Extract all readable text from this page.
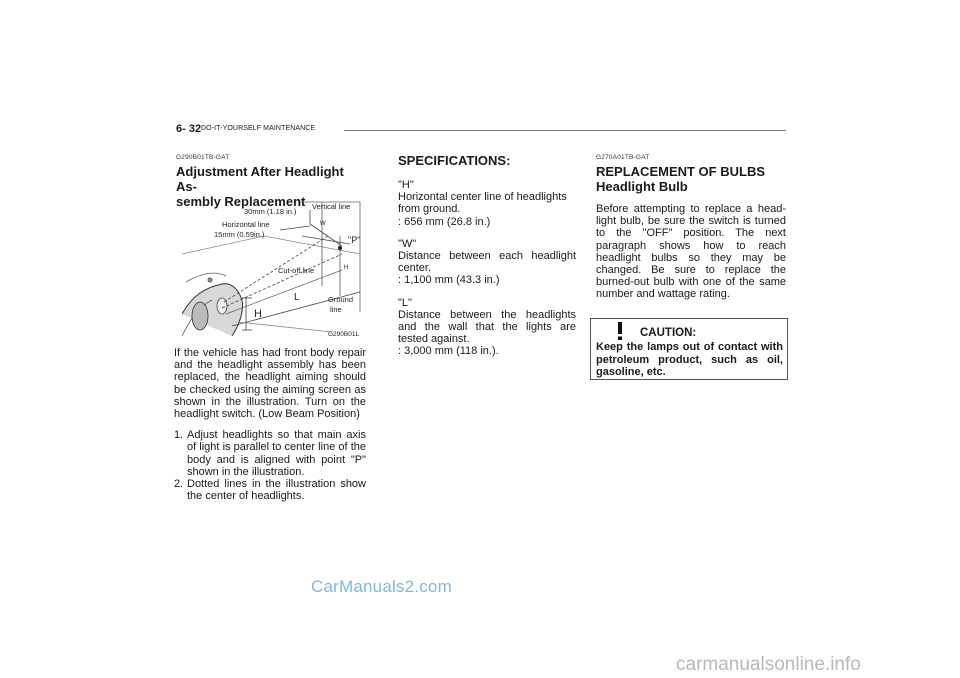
6- 32 DO-IT-YOURSELF MAINTENANCE
G290B01TB-GAT
Adjustment After Headlight As-
sembly Replacement
30mm (1.18 in.)
Vertical line
Horizontal line
15mm (0.59in.)
W
"P"
H
Cut-off line
L	Ground
line
H
G290B01L

If the vehicle has had front body repair and the headlight assembly has been replaced, the headlight aiming should be checked using the aiming screen as shown in the illustration. Turn on the headlight switch. (Low Beam Position)

1. Adjust headlights so that main axis of light is parallel to center line of the body and is aligned with point "P" shown in the illustration.
2. Dotted lines in the illustration show the center of headlights.
SPECIFICATIONS:

"H"

Horizontal center line of headlights from ground.

: 656 mm (26.8 in.)

"W"

Distance between each headlight center.

: 1,100 mm (43.3 in.)

"L"

Distance between the headlights and the wall that the lights are tested against.

: 3,000 mm (118 in.).

G270A01TB-GAT
REPLACEMENT OF BULBS
Headlight Bulb

Before attempting to replace a head-light bulb, be sure the switch is turned to the "OFF" position. The next paragraph shows how to reach headlight bulbs so they may be changed. Be sure to replace the burned-out bulb with one of the same number and wattage rating.

CAUTION:
Keep the lamps out of contact with petroleum product, such as oil, gasoline, etc.
CarManuals2.com
carmanualsonline.info
